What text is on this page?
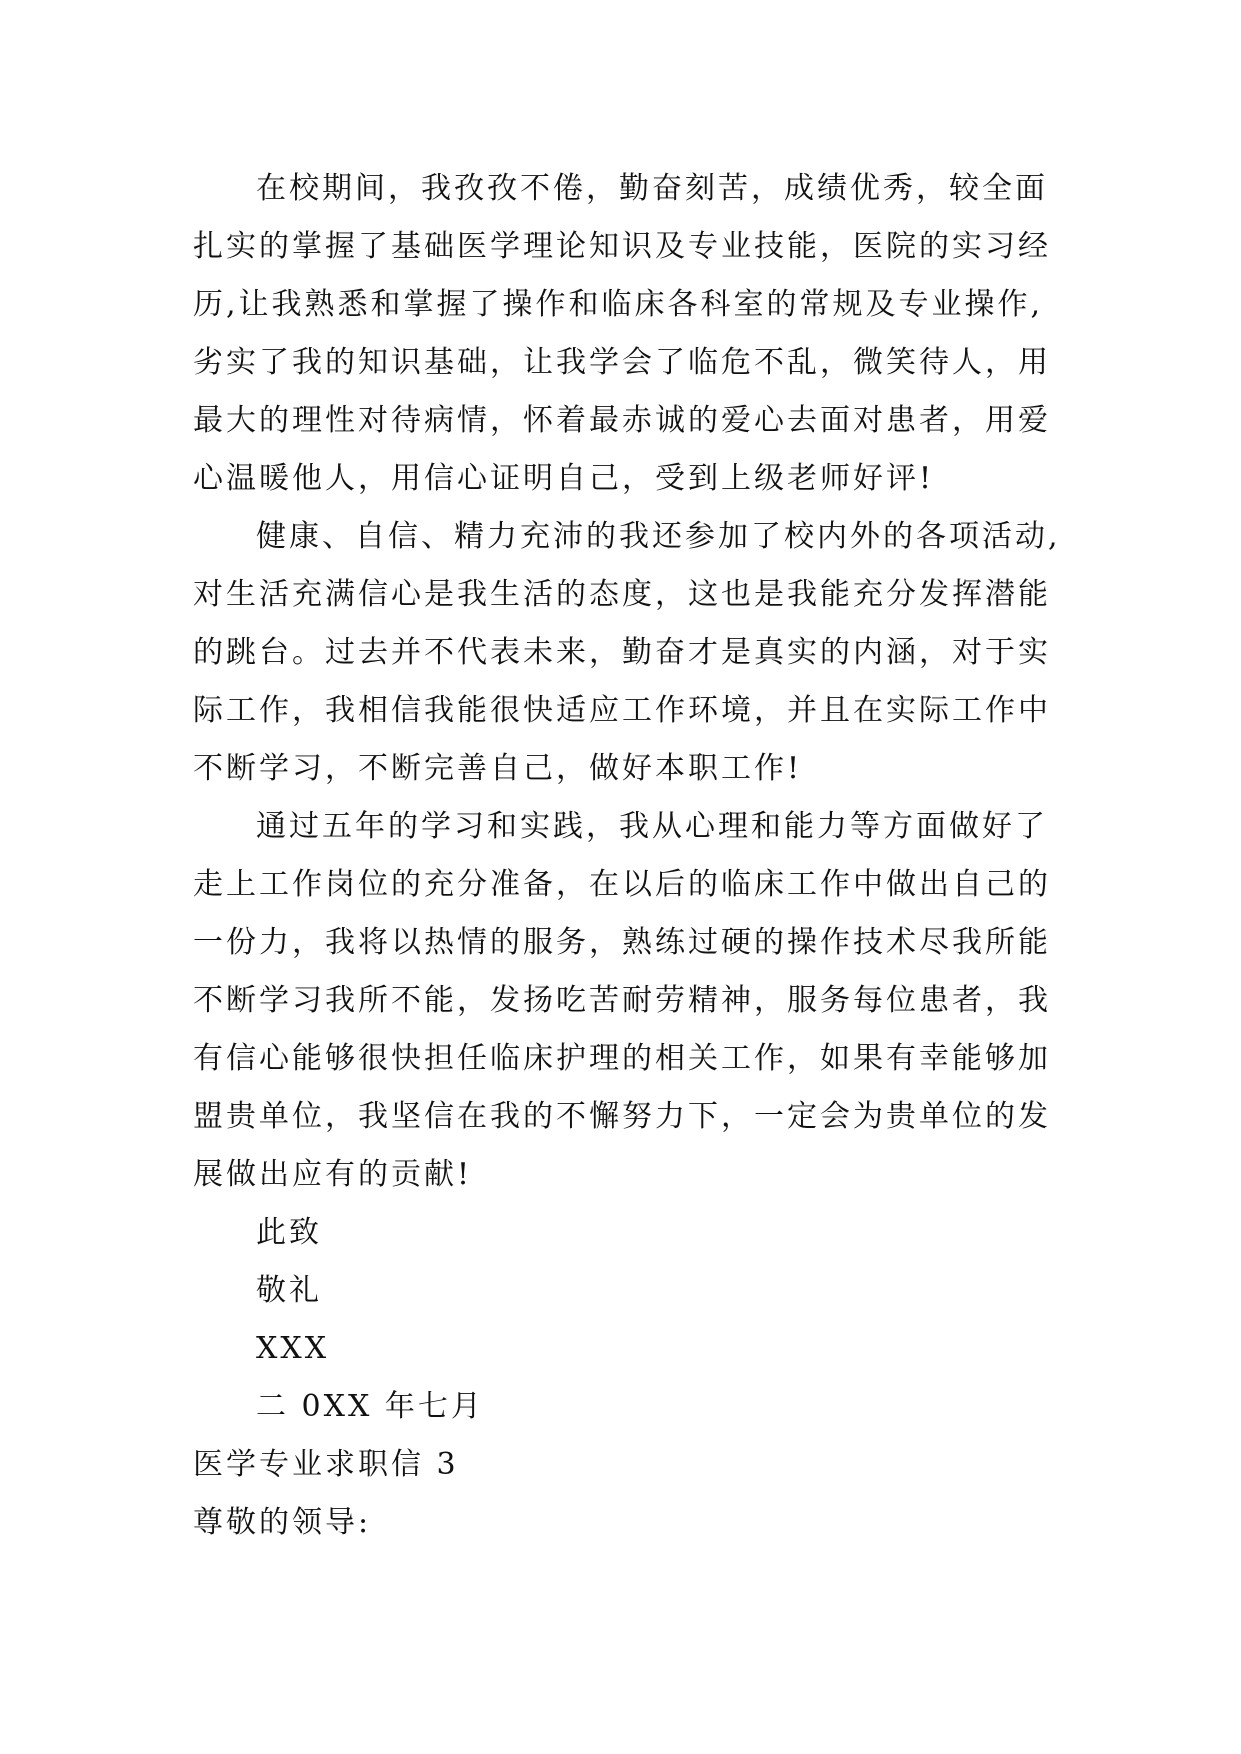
在校期间，我孜孜不倦，勤奋刻苦，成绩优秀，较全面
扎实的掌握了基础医学理论知识及专业技能，医院的实习经
历,让我熟悉和掌握了操作和临床各科室的常规及专业操作,
劣实了我的知识基础，让我学会了临危不乱，微笑待人，用
最大的理性对待病情，怀着最赤诚的爱心去面对患者，用爱
心温暖他人，用信心证明自己，受到上级老师好评!
健康、自信、精力充沛的我还参加了校内外的各项活动,
对生活充满信心是我生活的态度，这也是我能充分发挥潜能
的跳台。过去并不代表未来，勤奋才是真实的内涵，对于实
际工作，我相信我能很快适应工作环境，并且在实际工作中
不断学习，不断完善自己，做好本职工作!
通过五年的学习和实践，我从心理和能力等方面做好了
走上工作岗位的充分准备，在以后的临床工作中做出自己的
一份力，我将以热情的服务，熟练过硬的操作技术尽我所能
不断学习我所不能，发扬吃苦耐劳精神，服务每位患者，我
有信心能够很快担任临床护理的相关工作，如果有幸能够加
盟贵单位，我坚信在我的不懈努力下，一定会为贵单位的发
展做出应有的贡献!
此致
敬礼
XXX
二 0XX 年七月
医学专业求职信 3
尊敬的领导:
